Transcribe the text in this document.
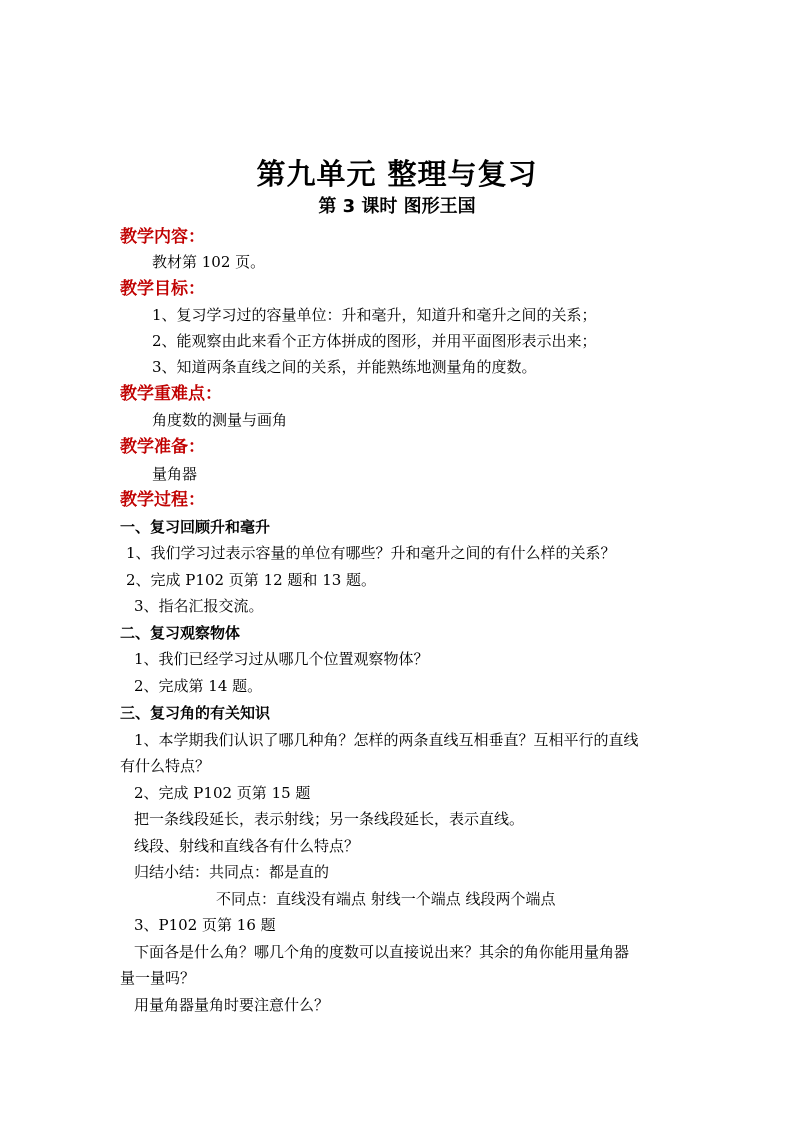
第九单元 整理与复习
第 3 课时 图形王国
教学内容：
教材第 102 页。
教学目标：
1、复习学习过的容量单位：升和毫升，知道升和毫升之间的关系；
2、能观察由此来看个正方体拼成的图形，并用平面图形表示出来；
3、知道两条直线之间的关系，并能熟练地测量角的度数。
教学重难点：
角度数的测量与画角
教学准备：
量角器
教学过程：
一、复习回顾升和毫升
1、我们学习过表示容量的单位有哪些？升和毫升之间的有什么样的关系？
2、完成 P102 页第 12 题和 13 题。
3、指名汇报交流。
二、复习观察物体
1、我们已经学习过从哪几个位置观察物体？
2、完成第 14 题。
三、复习角的有关知识
1、本学期我们认识了哪几种角？怎样的两条直线互相垂直？互相平行的直线
有什么特点？
2、完成 P102 页第 15 题
把一条线段延长，表示射线；另一条线段延长，表示直线。
线段、射线和直线各有什么特点？
归结小结：共同点：都是直的
不同点：直线没有端点 射线一个端点 线段两个端点
3、P102 页第 16 题
下面各是什么角？哪几个角的度数可以直接说出来？其余的角你能用量角器
量一量吗？
用量角器量角时要注意什么？
